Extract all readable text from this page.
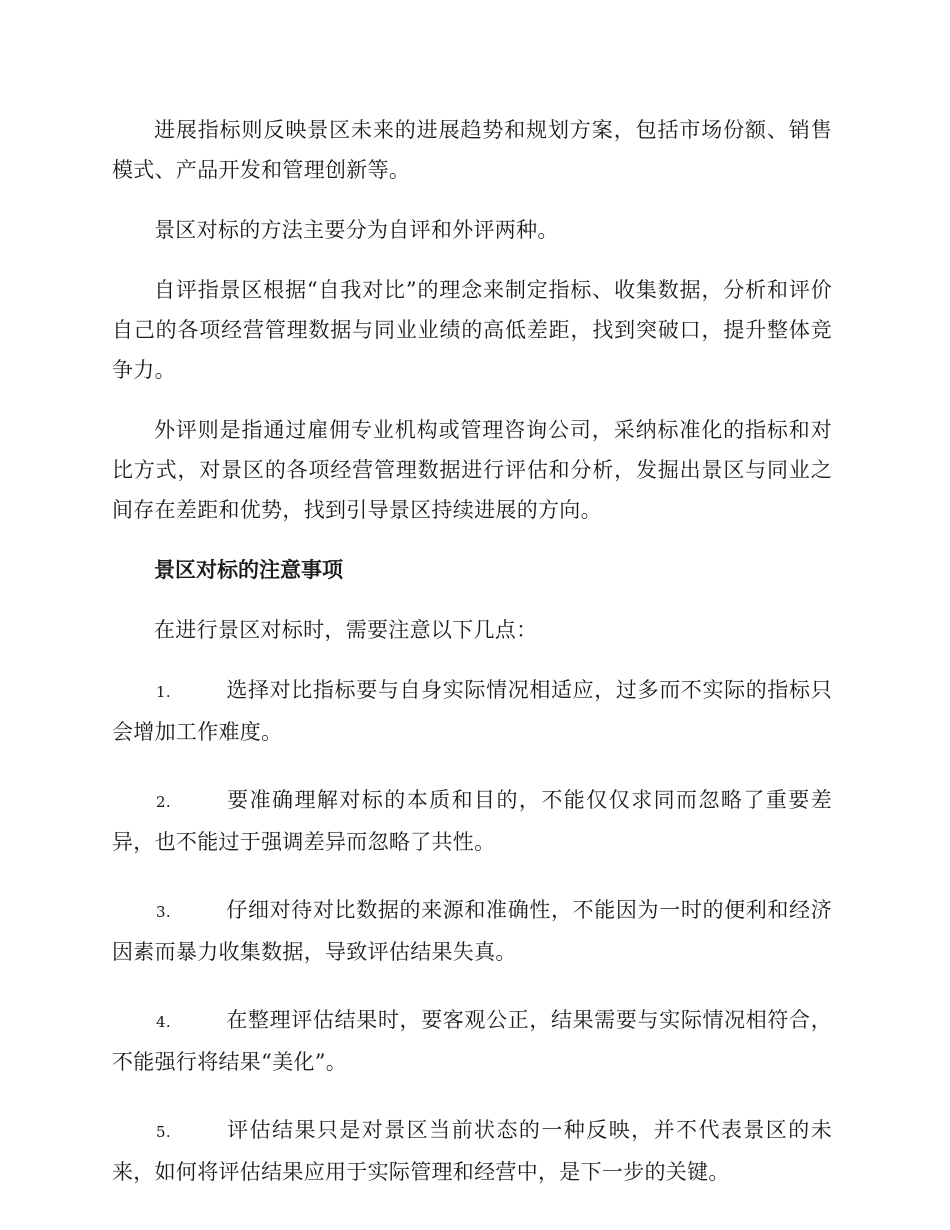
进展指标则反映景区未来的进展趋势和规划方案，包括市场份额、销售模式、产品开发和管理创新等。

景区对标的方法主要分为自评和外评两种。

自评指景区根据“自我对比”的理念来制定指标、收集数据，分析和评价自己的各项经营管理数据与同业业绩的高低差距，找到突破口，提升整体竞争力。

外评则是指通过雇佣专业机构或管理咨询公司，采纳标准化的指标和对比方式，对景区的各项经营管理数据进行评估和分析，发掘出景区与同业之间存在差距和优势，找到引导景区持续进展的方向。

景区对标的注意事项

在进行景区对标时，需要注意以下几点：

1.	选择对比指标要与自身实际情况相适应，过多而不实际的指标只会增加工作难度。
2.	要准确理解对标的本质和目的，不能仅仅求同而忽略了重要差异，也不能过于强调差异而忽略了共性。
3.	仔细对待对比数据的来源和准确性，不能因为一时的便利和经济因素而暴力收集数据，导致评估结果失真。
4.	在整理评估结果时，要客观公正，结果需要与实际情况相符合，不能强行将结果“美化”。
5.	评估结果只是对景区当前状态的一种反映，并不代表景区的未来，如何将评估结果应用于实际管理和经营中，是下一步的关键。
